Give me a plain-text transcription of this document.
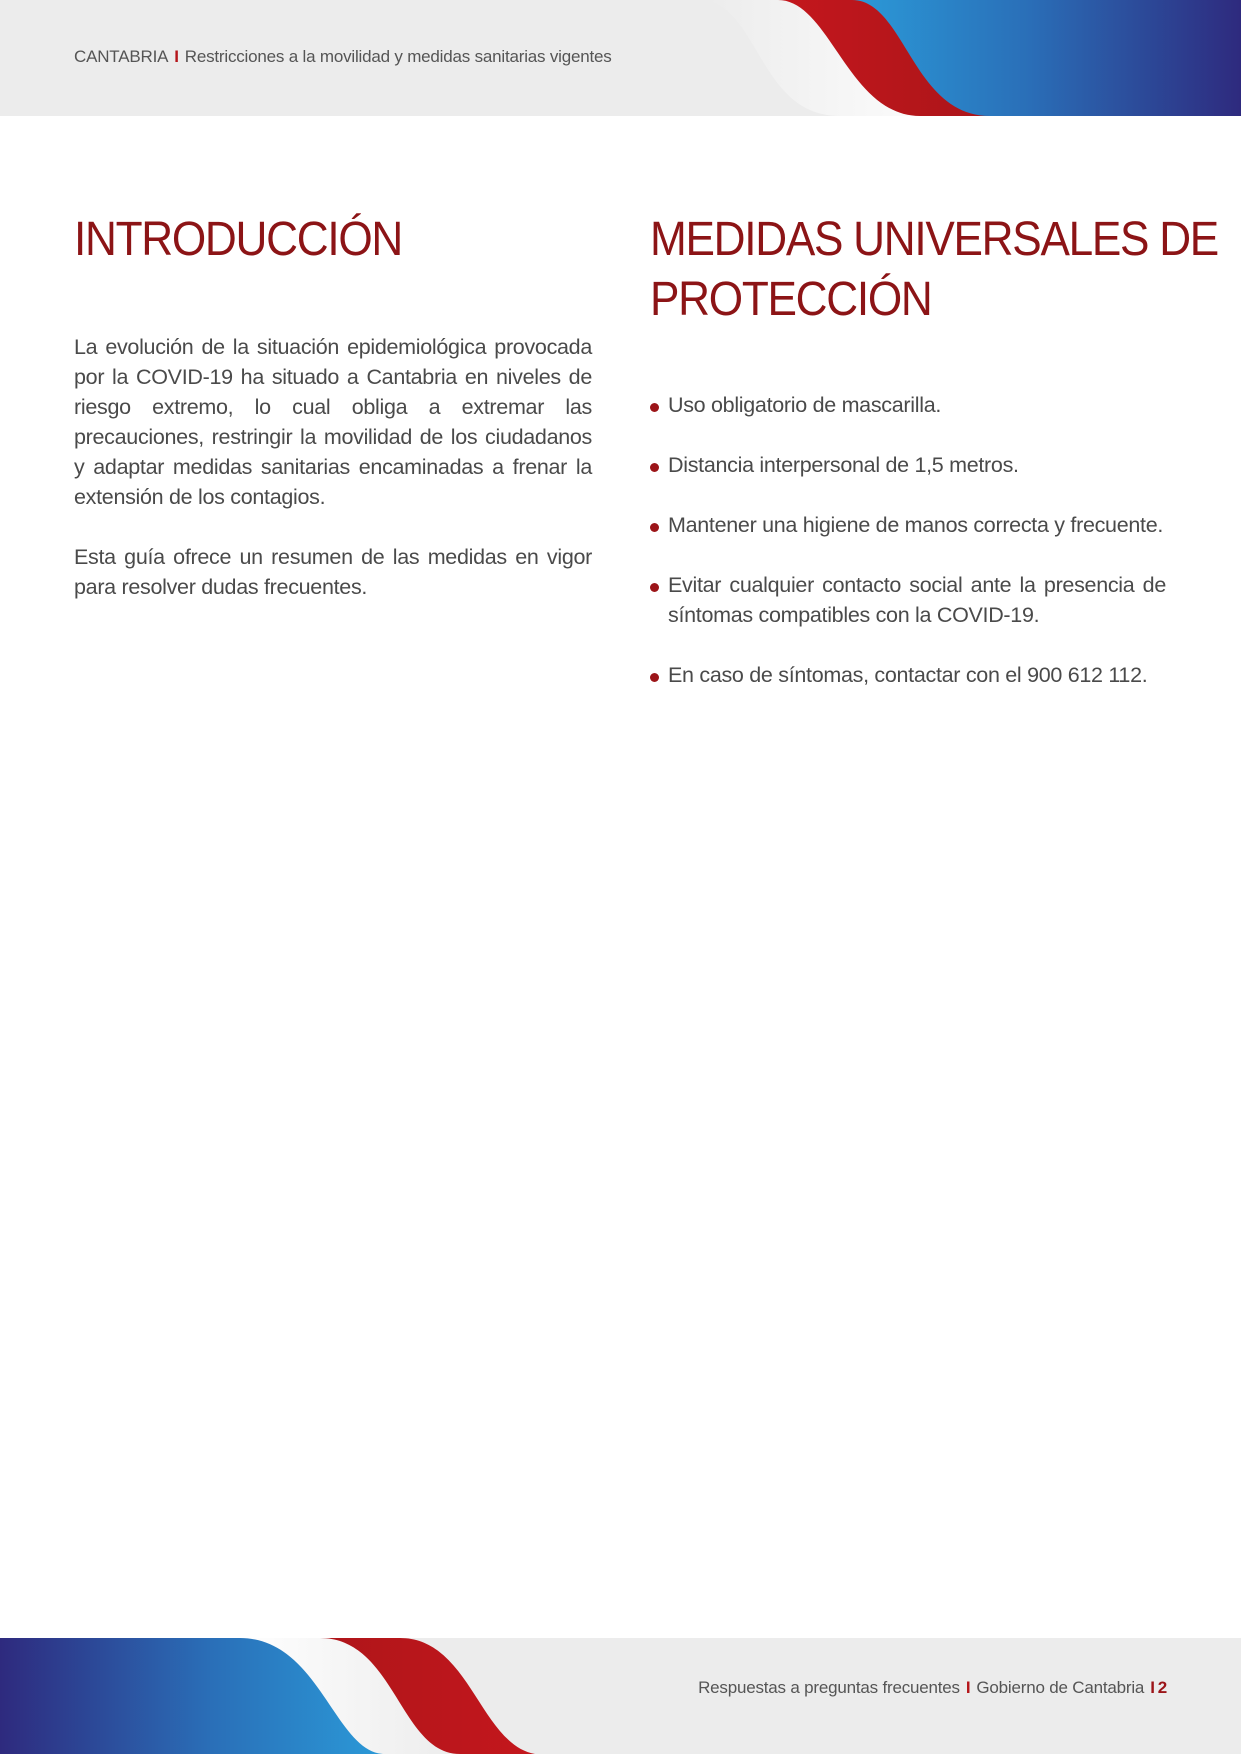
CANTABRIA I Restricciones a la movilidad y medidas sanitarias vigentes
INTRODUCCIÓN

La evolución de la situación epidemiológica provocada por la COVID-19 ha situado a Cantabria en niveles de riesgo extremo, lo cual obliga a extremar las precauciones, restringir la movilidad de los ciudadanos y adaptar medidas sanitarias encaminadas a frenar la extensión de los contagios.

Esta guía ofrece un resumen de las medidas en vigor para resolver dudas frecuentes.

MEDIDAS UNIVERSALES DE
PROTECCIÓN
Uso obligatorio de mascarilla.
Distancia interpersonal de 1,5 metros.
Mantener una higiene de manos correcta y frecuente.
Evitar cualquier contacto social ante la presencia de síntomas compatibles con la COVID-19.
En caso de síntomas, contactar con el 900 612 112.
Respuestas a preguntas frecuentes I Gobierno de Cantabria I 2
